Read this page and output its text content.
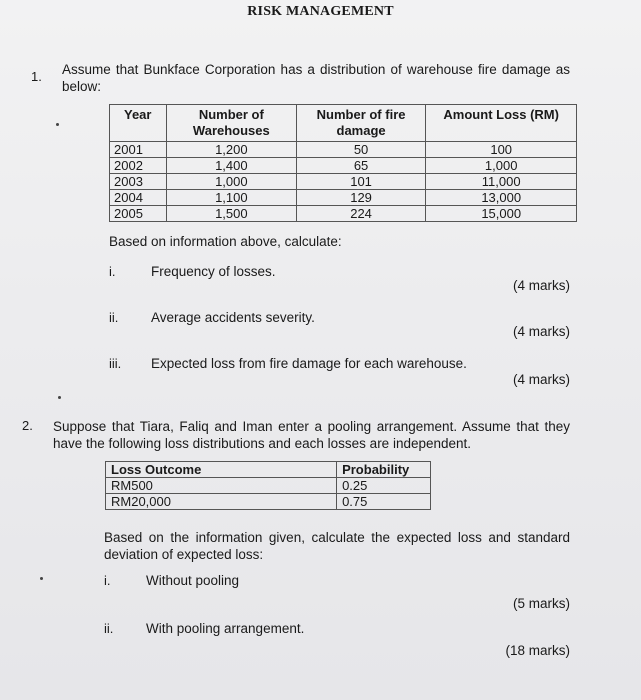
RISK MANAGEMENT
1. Assume that Bunkface Corporation has a distribution of warehouse fire damage as below:
Year	Number of Warehouses	Number of fire damage	Amount Loss (RM)
2001	1,200	50	100
2002	1,400	65	1,000
2003	1,000	101	11,000
2004	1,100	129	13,000
2005	1,500	224	15,000
Based on information above, calculate:
i.	Frequency of losses.
(4 marks)
ii. Average accidents severity.
(4 marks)
iii. Expected loss from fire damage for each warehouse.
(4 marks)
2. Suppose that Tiara, Faliq and Iman enter a pooling arrangement. Assume that they have the following loss distributions and each losses are independent.
Loss Outcome	Probability
RM500	0.25
RM20,000	0.75
Based on the information given, calculate the expected loss and standard deviation of expected loss:
i.	Without pooling
(5 marks)
ii. With pooling arrangement.
(18 marks)
